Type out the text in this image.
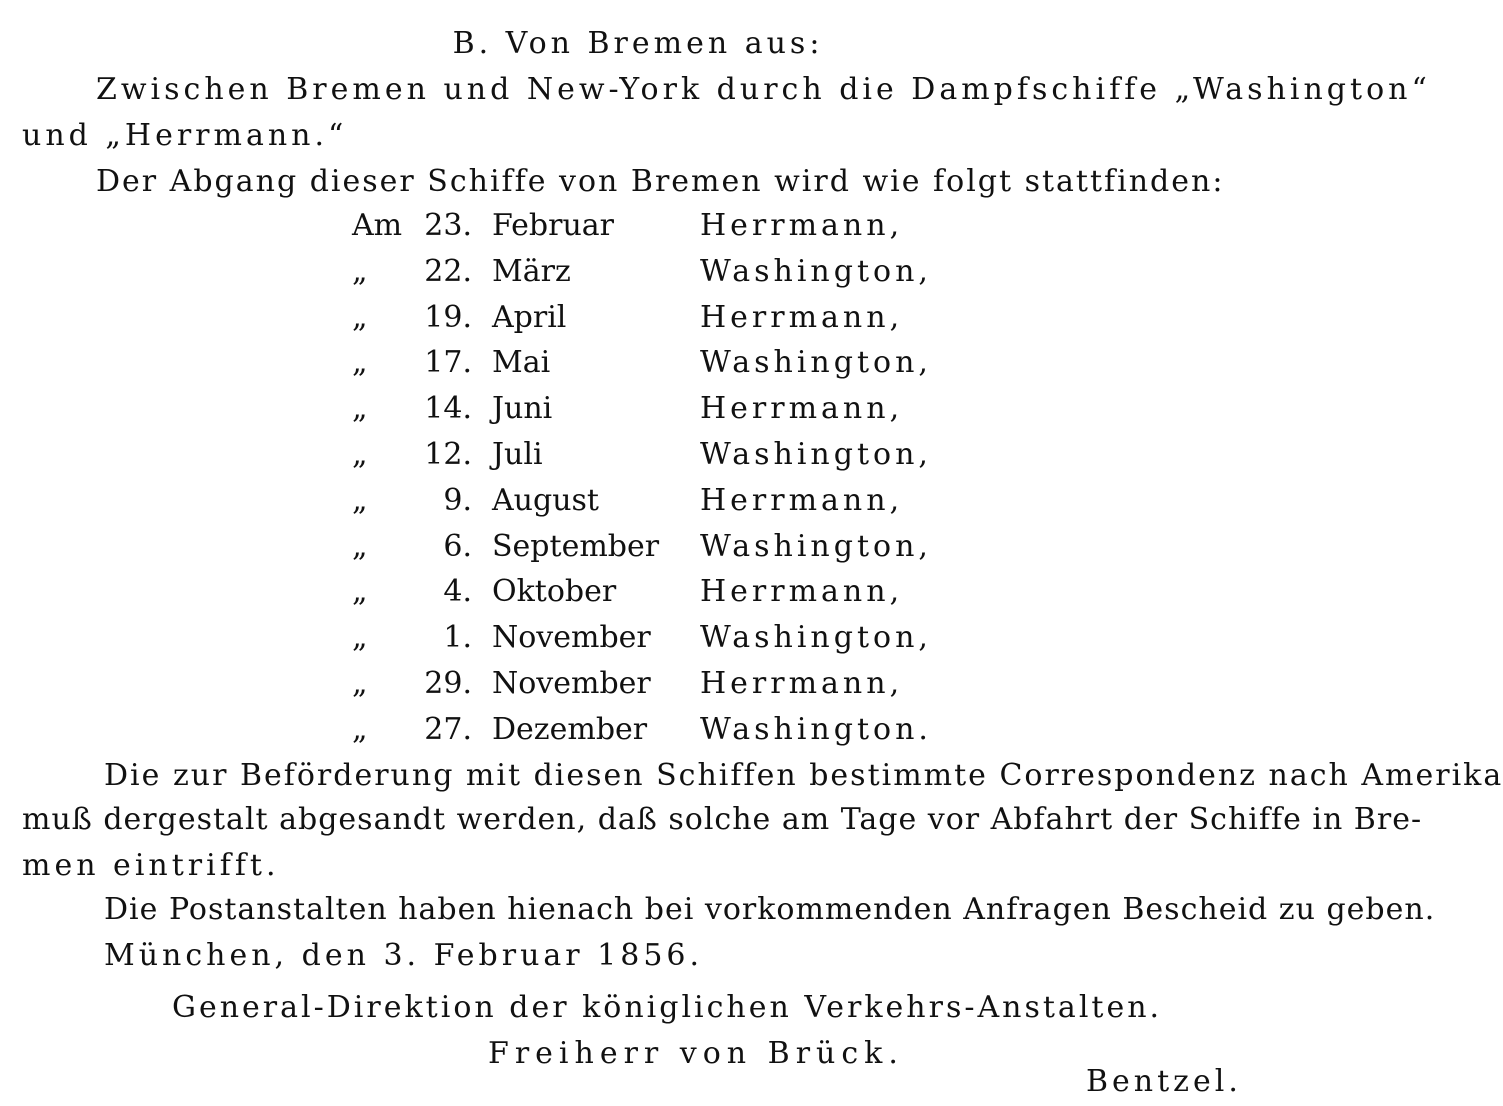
B. Von Bremen aus:
Zwischen Bremen und New-York durch die Dampfschiffe „Washington“
und „Herrmann.“
Der Abgang dieser Schiffe von Bremen wird wie folgt stattfinden:
Am 23. Februar	Herrmann,
„	22. März	Washington,
„	19. April	Herrmann,
„	17. Mai	Washington,
„	14. Juni	Herrmann,
„	12. Juli	Washington,
„	9. August	Herrmann,
„	6. September Washington,
„	4. Oktober	Herrmann,
„	1. November Washington,
„	29. November Herrmann,
„	27. Dezember Washington.
Die zur Beförderung mit diesen Schiffen bestimmte Correspondenz nach Amerika
muß dergestalt abgesandt werden, daß solche am Tage vor Abfahrt der Schiffe in Bre-
men eintrifft.
Die Postanstalten haben hienach bei vorkommenden Anfragen Bescheid zu geben.
München, den 3. Februar 1856.
General-Direktion der königlichen Verkehrs-Anstalten.
Freiherr von Brück.
Bentzel.
